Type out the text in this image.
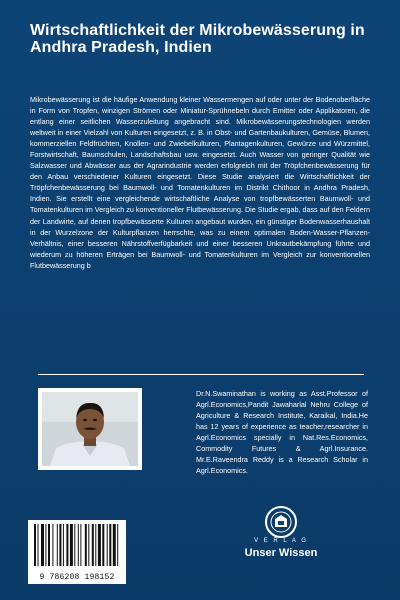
Wirtschaftlichkeit der Mikrobewässerung in Andhra Pradesh, Indien

Mikrobewässerung ist die häufige Anwendung kleiner Wassermengen auf oder unter der Bodenoberfläche in Form von Tropfen, winzigen Strömen oder Miniatur-Sprühnebeln durch Emitter oder Applikatoren, die entlang einer seitlichen Wasserzuleitung angebracht sind. Mikrobewässerungstechnologien werden weltweit in einer Vielzahl von Kulturen eingesetzt, z. B. in Obst- und Gartenbaukulturen, Gemüse, Blumen, kommerziellen Feldfrüchten, Knollen- und Zwiebelkulturen, Plantagenkulturen, Gewürze und Würzmittel, Forstwirtschaft, Baumschulen, Landschaftsbau usw. eingesetzt. Auch Wasser von geringer Qualität wie Salzwasser und Abwässer aus der Agrarindustrie werden erfolgreich mit der Tröpfchenbewässerung für den Anbau verschiedener Kulturen eingesetzt. Diese Studie analysiert die Wirtschaftlichkeit der Tröpfchenbewässerung bei Baumwoll- und Tomatenkulturen im Distrikt Chithoor in Andhra Pradesh, Indien. Sie erstellt eine vergleichende wirtschaftliche Analyse von tropfbewässerten Baumwoll- und Tomatenkulturen im Vergleich zu konventioneller Flutbewässerung. Die Studie ergab, dass auf den Feldern der Landwirte, auf denen tropfbewässerte Kulturen angebaut wurden, ein günstiger Bodenwasserhaushalt in der Wurzelzone der Kulturpflanzen herrschte, was zu einem optimalen Boden-Wasser-Pflanzen-Verhältnis, einer besseren Nährstoffverfügbarkeit und einer besseren Unkrautbekämpfung führte und wiederum zu höheren Erträgen bei Baumwoll- und Tomatenkulturen im Vergleich zur konventionellen Flutbewässerung b

Dr.N.Swaminathan is working as Asst.Professor of Agrl.Economics,Pandit Jawaharlal Nehru College of Agriculture & Research Institute, Karaikal, India.He has 12 years of experience as teacher,researcher in Agrl.Economics specially in Nat.Res.Economics, Commodity Futures & Agrl.Insurance. Mr.E.Raveendra Reddy is a Research Scholar in Agrl.Economics.

9 786208 198152
V E R L A G
Unser Wissen
